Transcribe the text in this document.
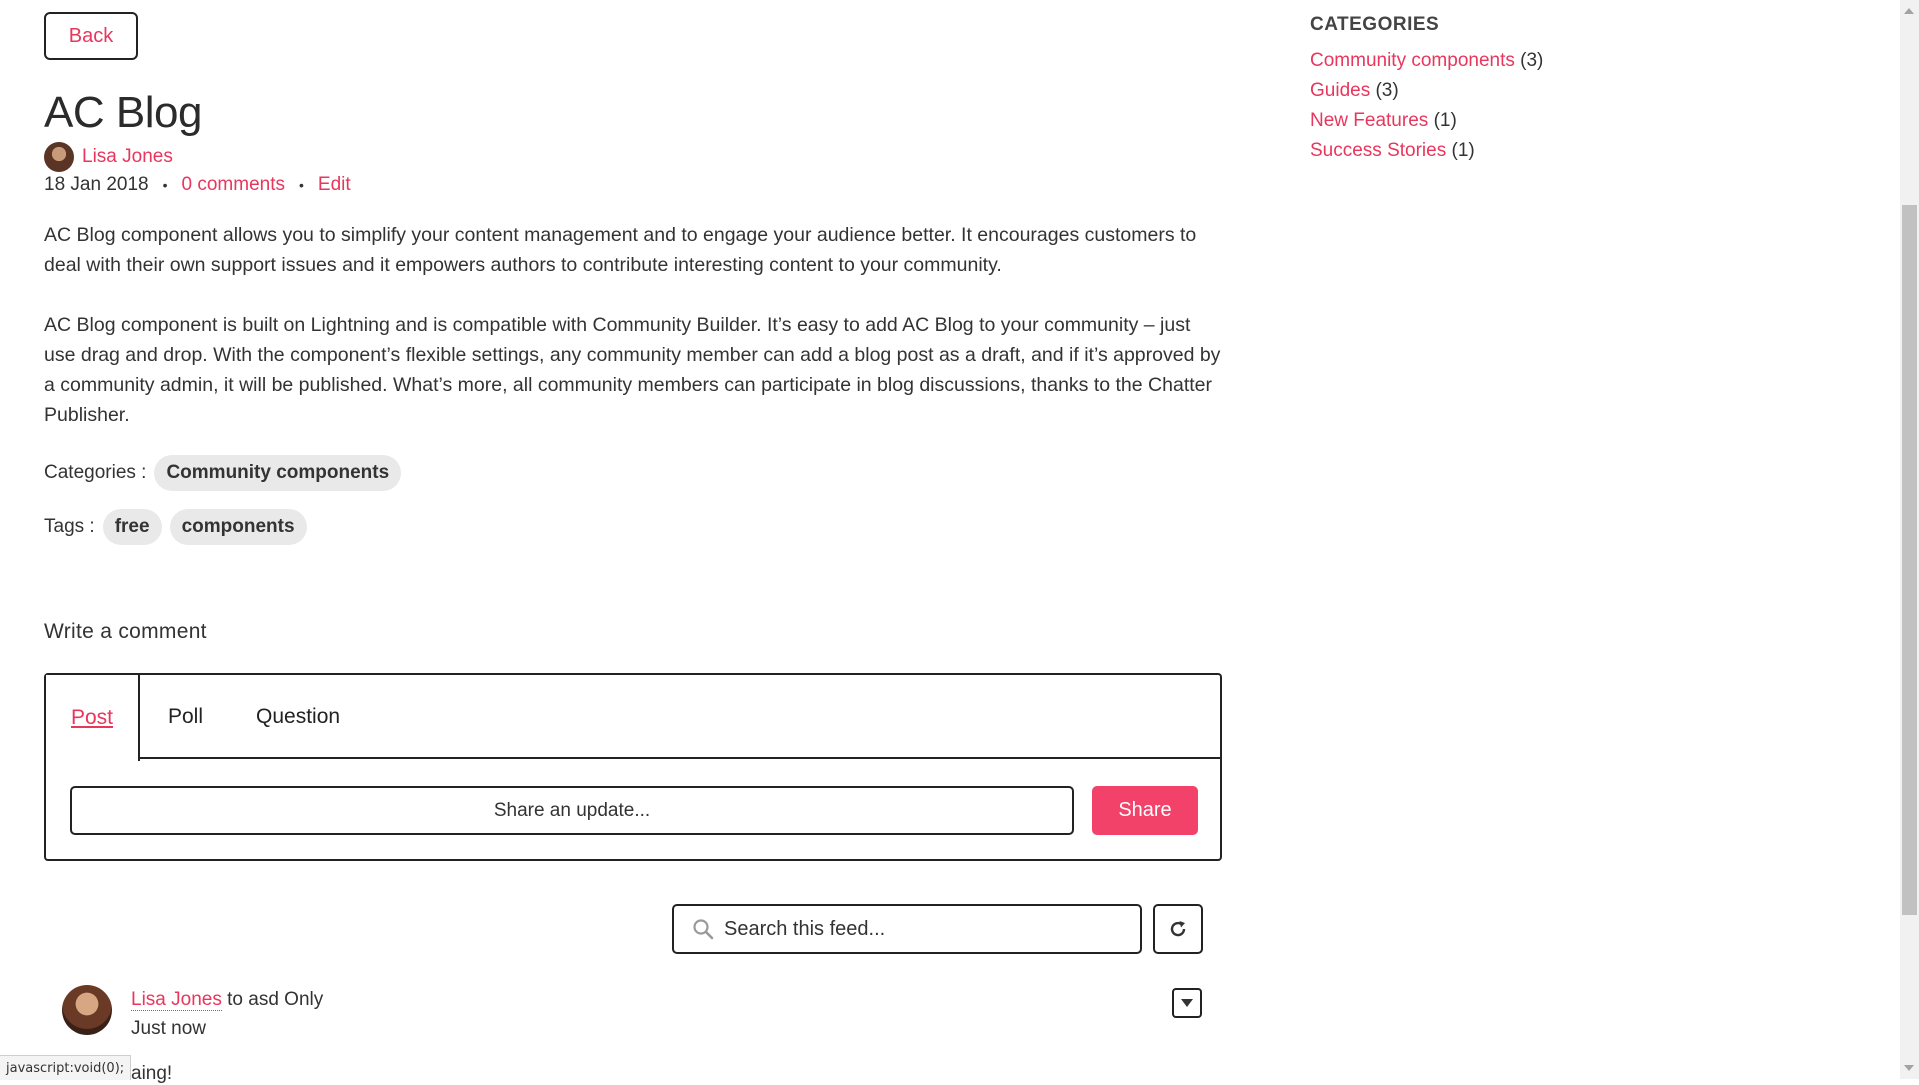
Back
AC Blog
Lisa Jones
18 Jan 2018 • 0 comments • Edit

AC Blog component allows you to simplify your content management and to engage your audience better. It encourages customers to deal with their own support issues and it empowers authors to contribute interesting content to your community.

AC Blog component is built on Lightning and is compatible with Community Builder. It’s easy to add AC Blog to your community – just use drag and drop. With the component’s flexible settings, any community member can add a blog post as a draft, and if it’s approved by a community admin, it will be published. What’s more, all community members can participate in blog discussions, thanks to the Chatter Publisher.

Categories :	Community components
Tags :	free	components
Write a comment
Post	Poll	Question
Share an update...	Share
Search this feed...
Lisa Jones to asd Only
Just now
aing!
CATEGORIES
Community components (3)
Guides (3)
New Features (1)
Success Stories (1)
javascript:void(0);
